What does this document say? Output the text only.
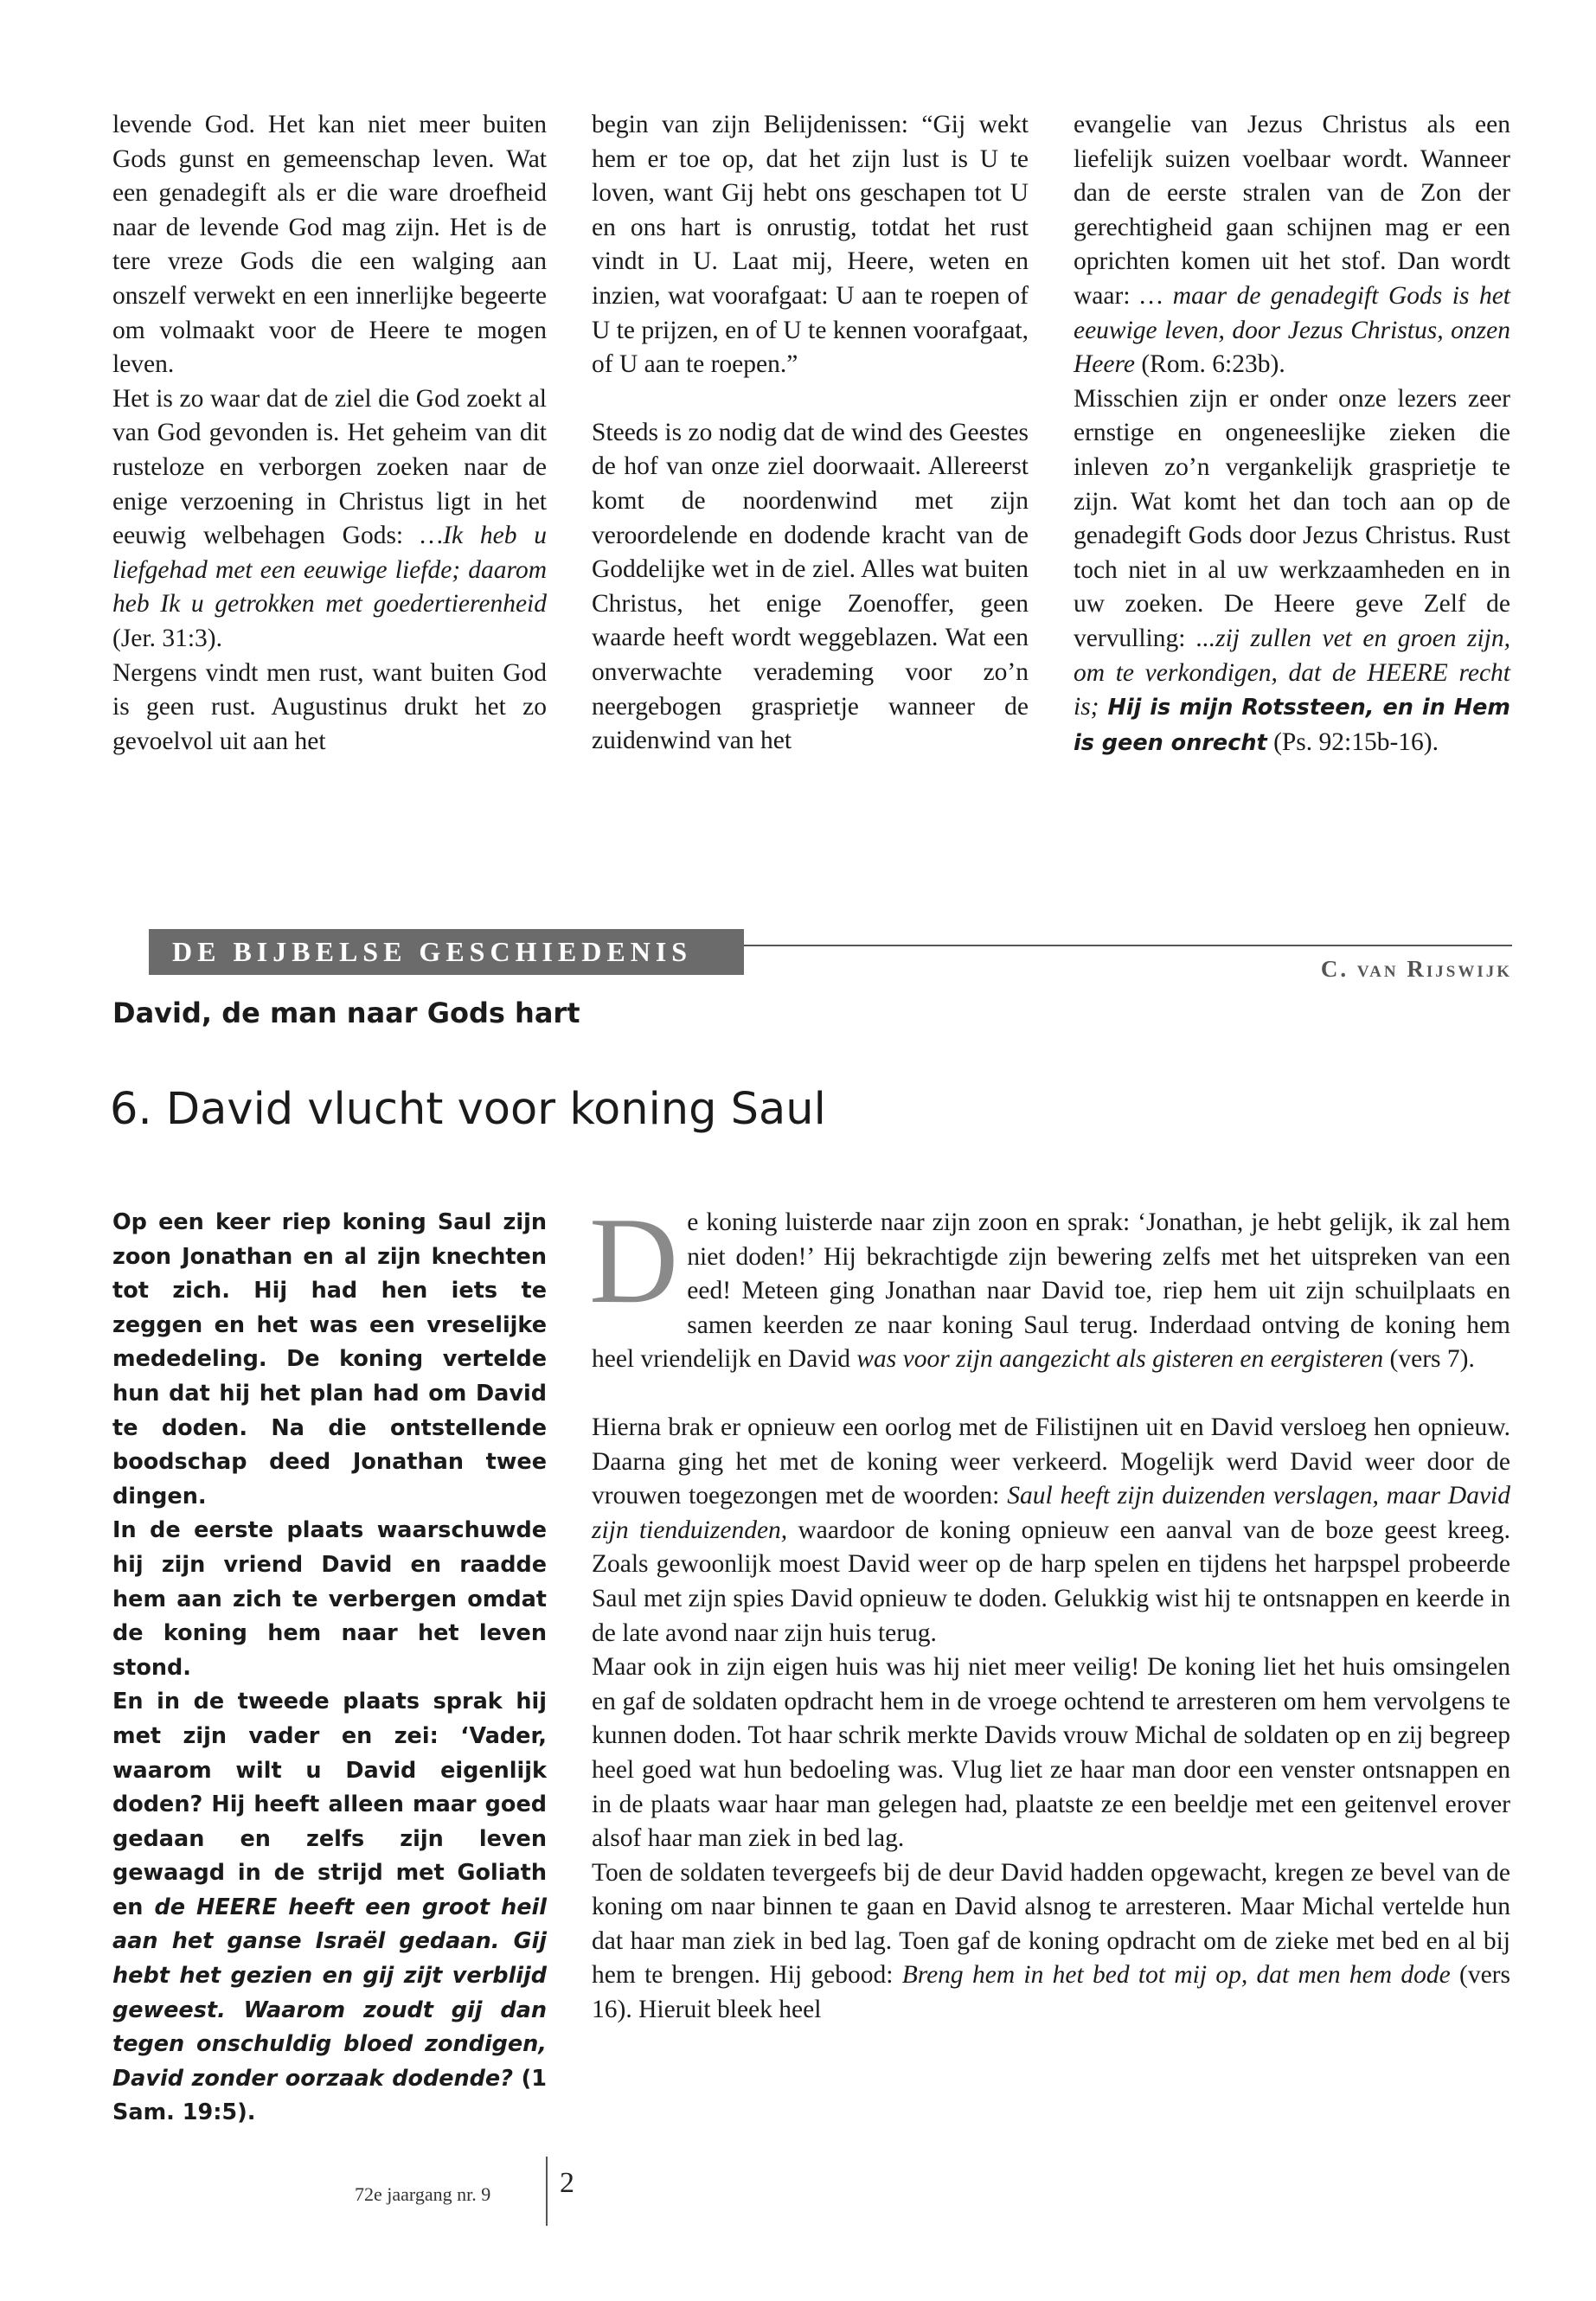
levende God. Het kan niet meer buiten Gods gunst en gemeenschap leven. Wat een genadegift als er die ware droefheid naar de levende God mag zijn. Het is de tere vreze Gods die een walging aan onszelf verwekt en een innerlijke begeerte om volmaakt voor de Heere te mogen leven.

Het is zo waar dat de ziel die God zoekt al van God gevonden is. Het geheim van dit rusteloze en verborgen zoeken naar de enige verzoening in Christus ligt in het eeuwig welbehagen Gods: …Ik heb u liefgehad met een eeuwige liefde; daarom heb Ik u getrokken met goedertierenheid (Jer. 31:3).

Nergens vindt men rust, want buiten God is geen rust. Augustinus drukt het zo gevoelvol uit aan het

begin van zijn Belijdenissen: “Gij wekt hem er toe op, dat het zijn lust is U te loven, want Gij hebt ons geschapen tot U en ons hart is onrustig, totdat het rust vindt in U. Laat mij, Heere, weten en inzien, wat voorafgaat: U aan te roepen of U te prijzen, en of U te kennen voorafgaat, of U aan te roepen.”

Steeds is zo nodig dat de wind des Geestes de hof van onze ziel doorwaait. Allereerst komt de noordenwind met zijn veroordelende en dodende kracht van de Goddelijke wet in de ziel. Alles wat buiten Christus, het enige Zoenoffer, geen waarde heeft wordt weggeblazen. Wat een onverwachte verademing voor zo’n neergebogen grasprietje wanneer de zuidenwind van het

evangelie van Jezus Christus als een liefelijk suizen voelbaar wordt. Wanneer dan de eerste stralen van de Zon der gerechtigheid gaan schijnen mag er een oprichten komen uit het stof. Dan wordt waar: … maar de genadegift Gods is het eeuwige leven, door Jezus Christus, onzen Heere (Rom. 6:23b).

Misschien zijn er onder onze lezers zeer ernstige en ongeneeslijke zieken die inleven zo’n vergankelijk grasprietje te zijn. Wat komt het dan toch aan op de genadegift Gods door Jezus Christus. Rust toch niet in al uw werkzaamheden en in uw zoeken. De Heere geve Zelf de vervulling: ...zij zullen vet en groen zijn, om te verkondigen, dat de HEERE recht is; Hij is mijn Rotssteen, en in Hem is geen onrecht (Ps. 92:15b-16).

DE BIJBELSE GESCHIEDENIS
C. van Rijswijk
David, de man naar Gods hart
6. David vlucht voor koning Saul

Op een keer riep koning Saul zijn zoon Jonathan en al zijn knechten tot zich. Hij had hen iets te zeggen en het was een vreselijke mededeling. De koning vertelde hun dat hij het plan had om David te doden. Na die ontstellende boodschap deed Jonathan twee dingen.

In de eerste plaats waarschuwde hij zijn vriend David en raadde hem aan zich te verbergen omdat de koning hem naar het leven stond.

En in de tweede plaats sprak hij met zijn vader en zei: ‘Vader, waarom wilt u David eigenlijk doden? Hij heeft alleen maar goed gedaan en zelfs zijn leven gewaagd in de strijd met Goliath en de HEERE heeft een groot heil aan het ganse Israël gedaan. Gij hebt het gezien en gij zijt verblijd geweest. Waarom zoudt gij dan tegen onschuldig bloed zondigen, David zonder oorzaak dodende? (1 Sam. 19:5).

De koning luisterde naar zijn zoon en sprak: ‘Jonathan, je hebt gelijk, ik zal hem niet doden!’ Hij bekrachtigde zijn bewering zelfs met het uitspreken van een eed! Meteen ging Jonathan naar David toe, riep hem uit zijn schuilplaats en samen keerden ze naar koning Saul terug. Inderdaad ontving de koning hem heel vriendelijk en David was voor zijn aangezicht als gisteren en eergisteren (vers 7).

Hierna brak er opnieuw een oorlog met de Filistijnen uit en David versloeg hen opnieuw. Daarna ging het met de koning weer verkeerd. Mogelijk werd David weer door de vrouwen toegezongen met de woorden: Saul heeft zijn duizenden verslagen, maar David zijn tienduizenden, waardoor de koning opnieuw een aanval van de boze geest kreeg. Zoals gewoonlijk moest David weer op de harp spelen en tijdens het harpspel probeerde Saul met zijn spies David opnieuw te doden. Gelukkig wist hij te ontsnappen en keerde in de late avond naar zijn huis terug.

Maar ook in zijn eigen huis was hij niet meer veilig! De koning liet het huis omsingelen en gaf de soldaten opdracht hem in de vroege ochtend te arresteren om hem vervolgens te kunnen doden. Tot haar schrik merkte Davids vrouw Michal de soldaten op en zij begreep heel goed wat hun bedoeling was. Vlug liet ze haar man door een venster ontsnappen en in de plaats waar haar man gelegen had, plaatste ze een beeldje met een geitenvel erover alsof haar man ziek in bed lag.

Toen de soldaten tevergeefs bij de deur David hadden opgewacht, kregen ze bevel van de koning om naar binnen te gaan en David alsnog te arresteren. Maar Michal vertelde hun dat haar man ziek in bed lag. Toen gaf de koning opdracht om de zieke met bed en al bij hem te brengen. Hij gebood: Breng hem in het bed tot mij op, dat men hem dode (vers 16). Hieruit bleek heel

72e jaargang nr. 9 2
